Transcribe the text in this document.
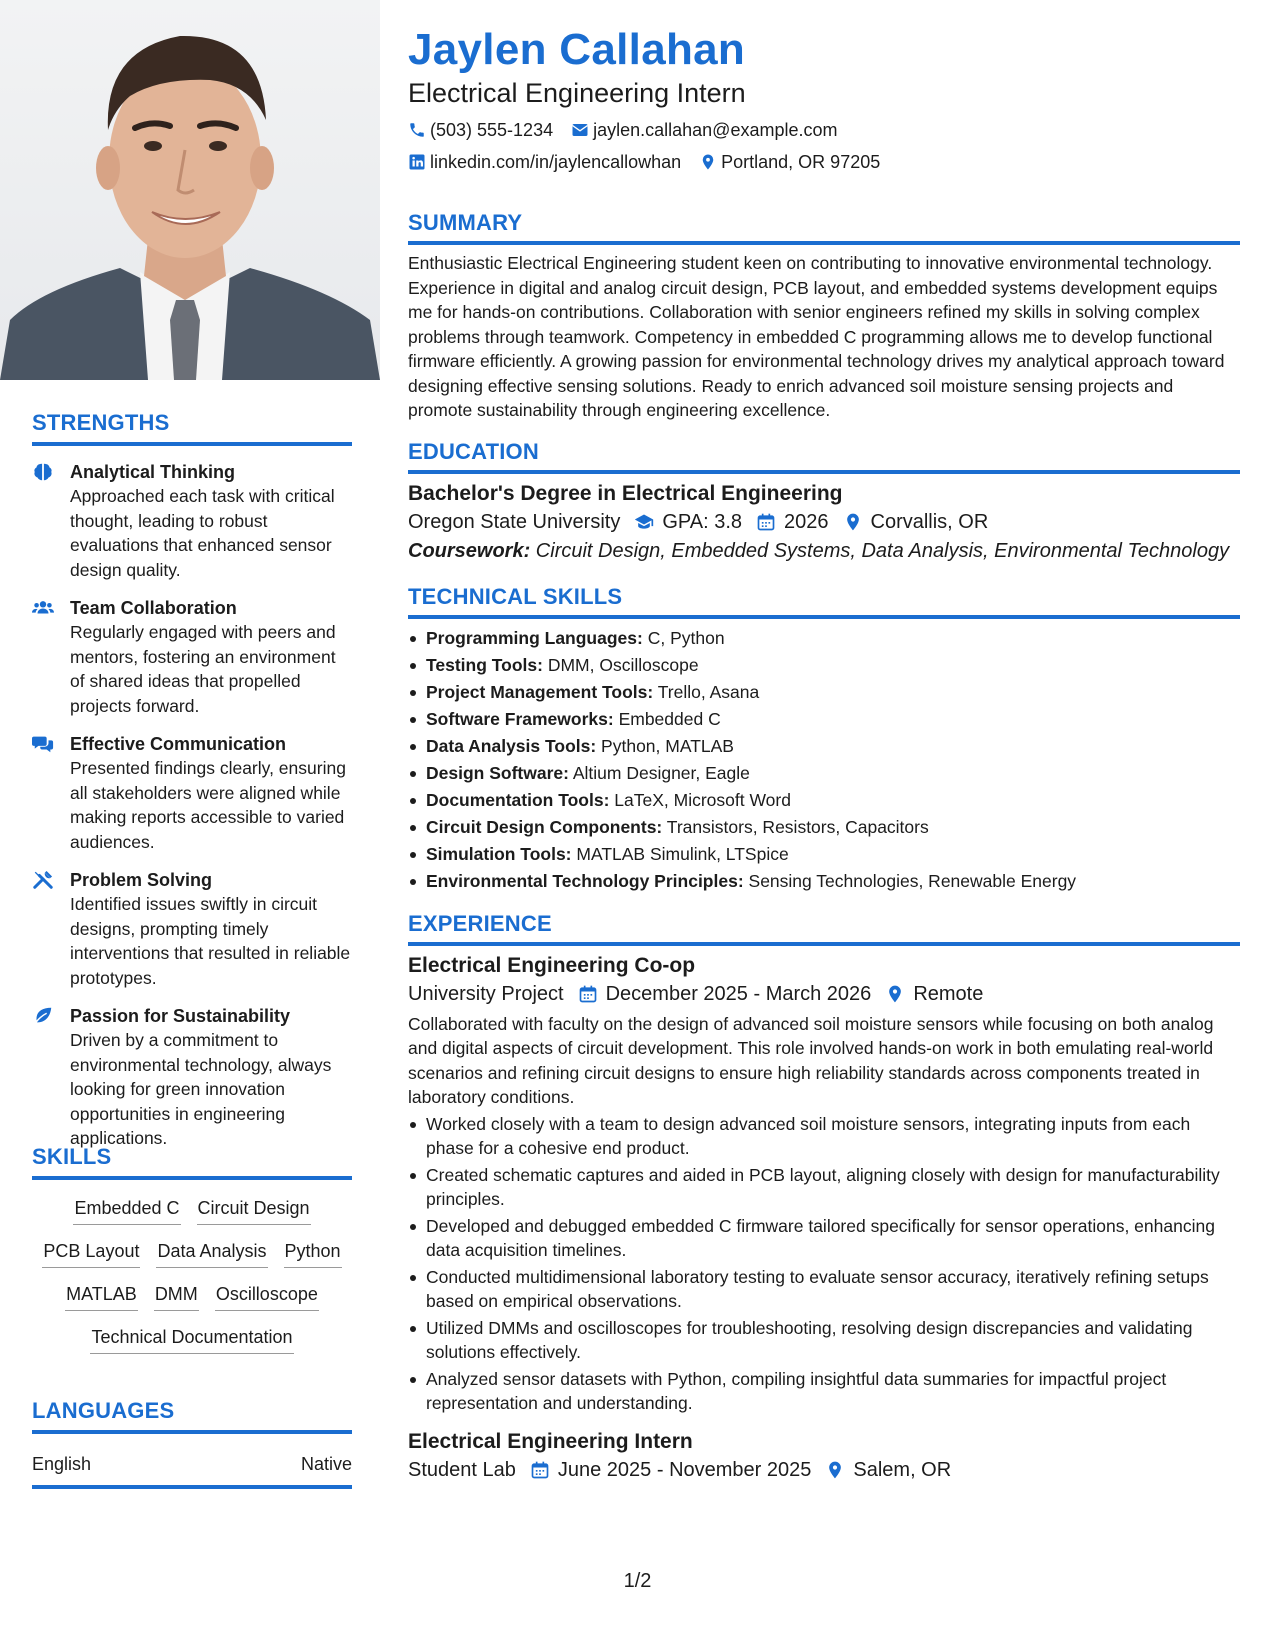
STRENGTHS
Analytical Thinking
Approached each task with critical thought, leading to robust evaluations that enhanced sensor design quality.
Team Collaboration
Regularly engaged with peers and mentors, fostering an environment of shared ideas that propelled projects forward.
Effective Communication
Presented findings clearly, ensuring all stakeholders were aligned while making reports accessible to varied audiences.
Problem Solving
Identified issues swiftly in circuit designs, prompting timely interventions that resulted in reliable prototypes.
Passion for Sustainability
Driven by a commitment to environmental technology, always looking for green innovation opportunities in engineering applications.
SKILLS
Embedded C Circuit Design
PCB Layout Data Analysis Python
MATLAB DMM Oscilloscope
Technical Documentation
LANGUAGES
English	Native
Jaylen Callahan
Electrical Engineering Intern
(503) 555-1234 jaylen.callahan@example.com
linkedin.com/in/jaylencallowhan Portland, OR 97205
SUMMARY
Enthusiastic Electrical Engineering student keen on contributing to innovative environmental technology. Experience in digital and analog circuit design, PCB layout, and embedded systems development equips me for hands-on contributions. Collaboration with senior engineers refined my skills in solving complex problems through teamwork. Competency in embedded C programming allows me to develop functional firmware efficiently. A growing passion for environmental technology drives my analytical approach toward designing effective sensing solutions. Ready to enrich advanced soil moisture sensing projects and promote sustainability through engineering excellence.
EDUCATION
Bachelor's Degree in Electrical Engineering
Oregon State University GPA: 3.8 2026 Corvallis, OR
Coursework: Circuit Design, Embedded Systems, Data Analysis, Environmental Technology
TECHNICAL SKILLS
Programming Languages: C, Python
Testing Tools: DMM, Oscilloscope
Project Management Tools: Trello, Asana
Software Frameworks: Embedded C
Data Analysis Tools: Python, MATLAB
Design Software: Altium Designer, Eagle
Documentation Tools: LaTeX, Microsoft Word
Circuit Design Components: Transistors, Resistors, Capacitors
Simulation Tools: MATLAB Simulink, LTSpice
Environmental Technology Principles: Sensing Technologies, Renewable Energy
EXPERIENCE
Electrical Engineering Co-op
University Project December 2025 - March 2026 Remote
Collaborated with faculty on the design of advanced soil moisture sensors while focusing on both analog and digital aspects of circuit development. This role involved hands-on work in both emulating real-world scenarios and refining circuit designs to ensure high reliability standards across components treated in laboratory conditions.
Worked closely with a team to design advanced soil moisture sensors, integrating inputs from each phase for a cohesive end product.
Created schematic captures and aided in PCB layout, aligning closely with design for manufacturability principles.
Developed and debugged embedded C firmware tailored specifically for sensor operations, enhancing data acquisition timelines.
Conducted multidimensional laboratory testing to evaluate sensor accuracy, iteratively refining setups based on empirical observations.
Utilized DMMs and oscilloscopes for troubleshooting, resolving design discrepancies and validating solutions effectively.
Analyzed sensor datasets with Python, compiling insightful data summaries for impactful project representation and understanding.
Electrical Engineering Intern
Student Lab June 2025 - November 2025 Salem, OR
1/2
